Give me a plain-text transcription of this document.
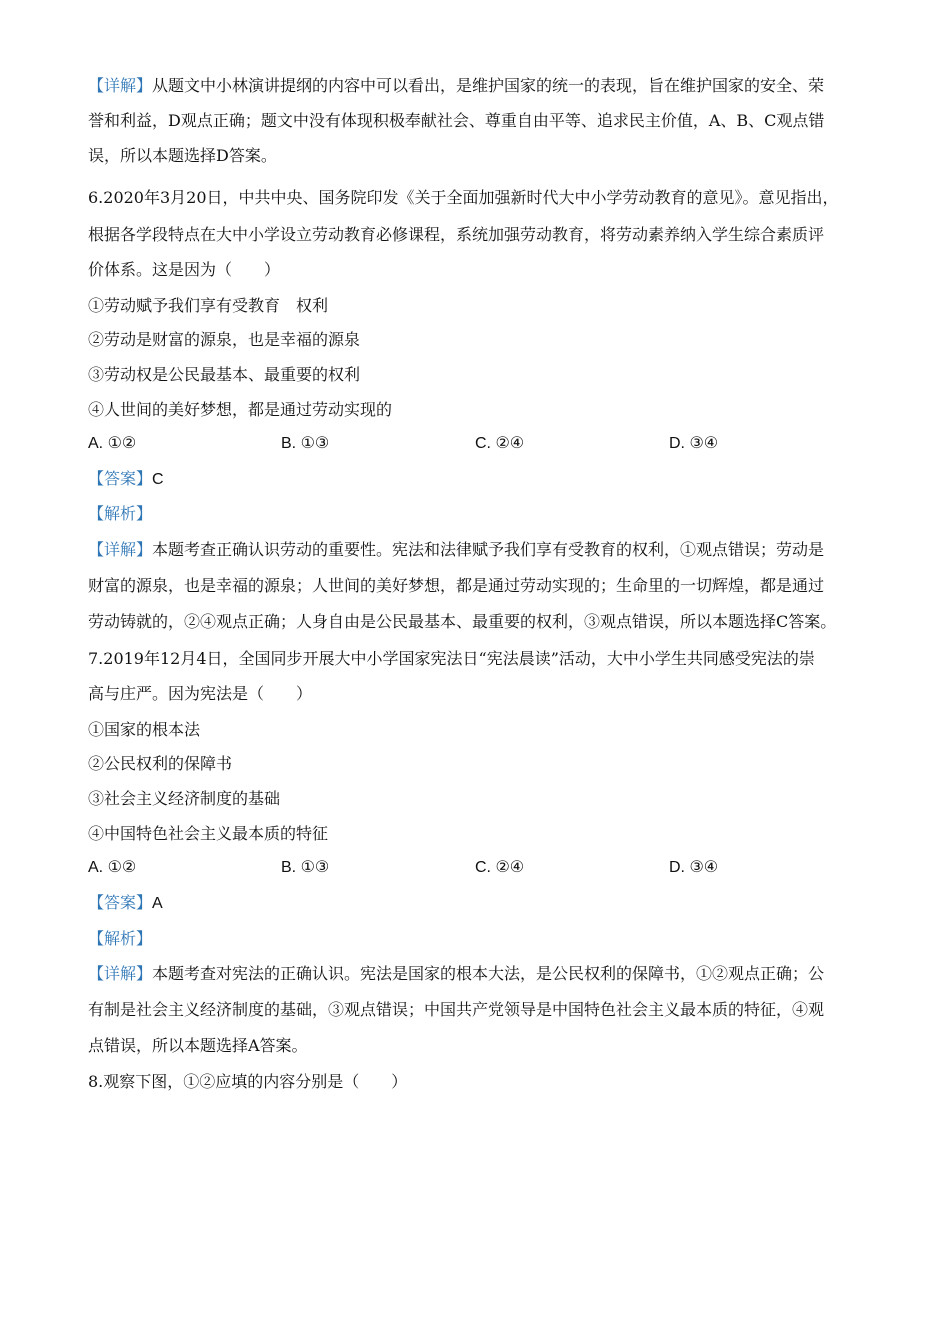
【详解】从题文中小林演讲提纲的内容中可以看出，是维护国家的统一的表现，旨在维护国家的安全、荣
誉和利益，D观点正确；题文中没有体现积极奉献社会、尊重自由平等、追求民主价值，A、B、C观点错
误，所以本题选择D答案。
6.2020年3月20日，中共中央、国务院印发《关于全面加强新时代大中小学劳动教育的意见》。意见指出，
根据各学段特点在大中小学设立劳动教育必修课程，系统加强劳动教育，将劳动素养纳入学生综合素质评
价体系。这是因为（　　）
①劳动赋予我们享有受教育　权利
②劳动是财富的源泉，也是幸福的源泉
③劳动权是公民最基本、最重要的权利
④人世间的美好梦想，都是通过劳动实现的
A. ①②	B. ①③	C. ②④	D. ③④
【答案】C
【解析】
【详解】本题考查正确认识劳动的重要性。宪法和法律赋予我们享有受教育的权利，①观点错误；劳动是
财富的源泉，也是幸福的源泉；人世间的美好梦想，都是通过劳动实现的；生命里的一切辉煌，都是通过
劳动铸就的，②④观点正确；人身自由是公民最基本、最重要的权利，③观点错误，所以本题选择C答案。
7.2019年12月4日，全国同步开展大中小学国家宪法日“宪法晨读”活动，大中小学生共同感受宪法的崇
高与庄严。因为宪法是（　　）
①国家的根本法
②公民权利的保障书
③社会主义经济制度的基础
④中国特色社会主义最本质的特征
A. ①②	B. ①③	C. ②④	D. ③④
【答案】A
【解析】
【详解】本题考查对宪法的正确认识。宪法是国家的根本大法，是公民权利的保障书，①②观点正确；公
有制是社会主义经济制度的基础，③观点错误；中国共产党领导是中国特色社会主义最本质的特征，④观
点错误，所以本题选择A答案。
8.观察下图，①②应填的内容分别是（　　）
